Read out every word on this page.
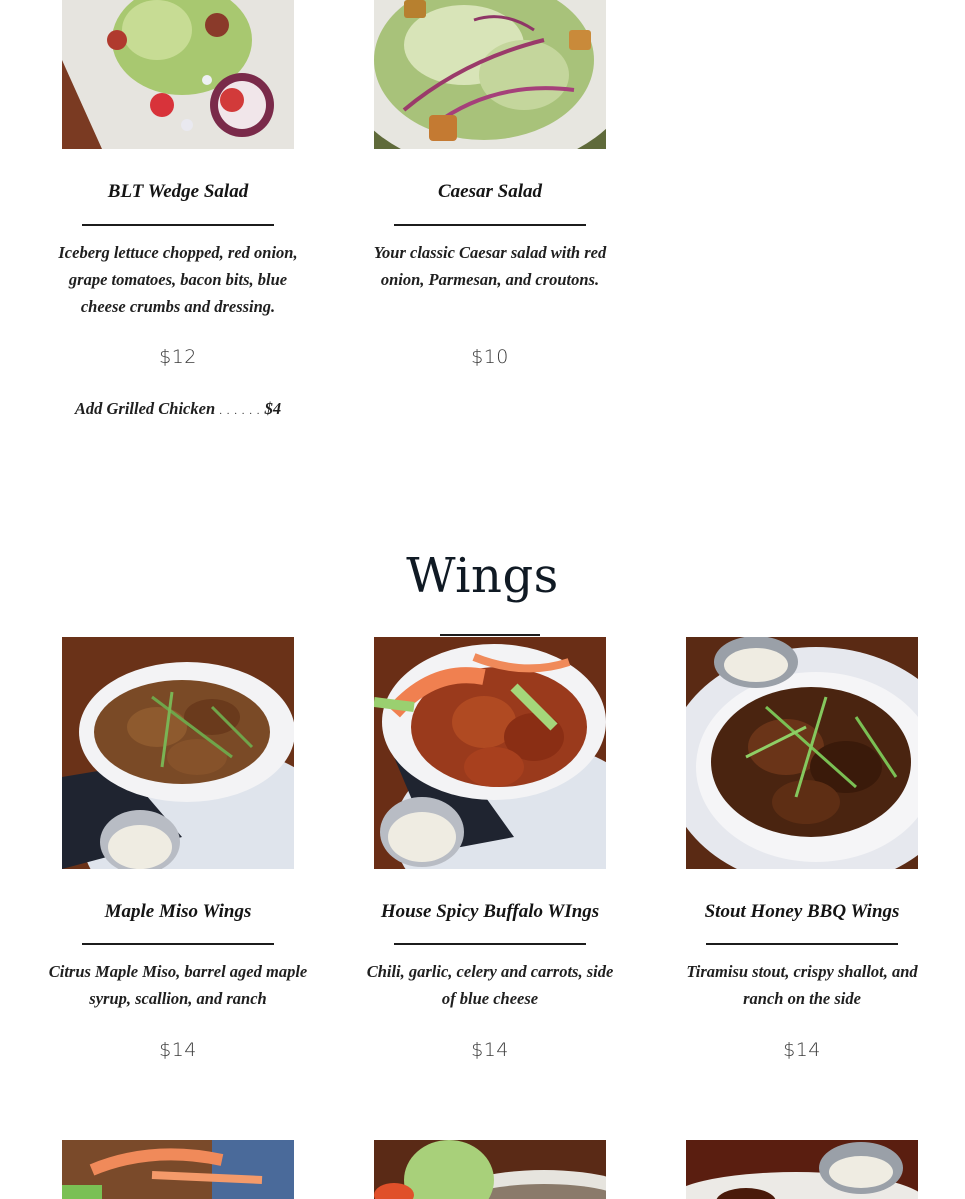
BLT Wedge Salad
Iceberg lettuce chopped, red onion, grape tomatoes, bacon bits, blue cheese crumbs and dressing.
$12
Add Grilled Chicken . . . . . . $4
Caesar Salad
Your classic Caesar salad with red onion, Parmesan, and croutons.
$10
Wings
Maple Miso Wings
Citrus Maple Miso, barrel aged maple syrup, scallion, and ranch
$14
House Spicy Buffalo WIngs
Chili, garlic, celery and carrots, side of blue cheese
$14
Stout Honey BBQ Wings
Tiramisu stout, crispy shallot, and ranch on the side
$14
